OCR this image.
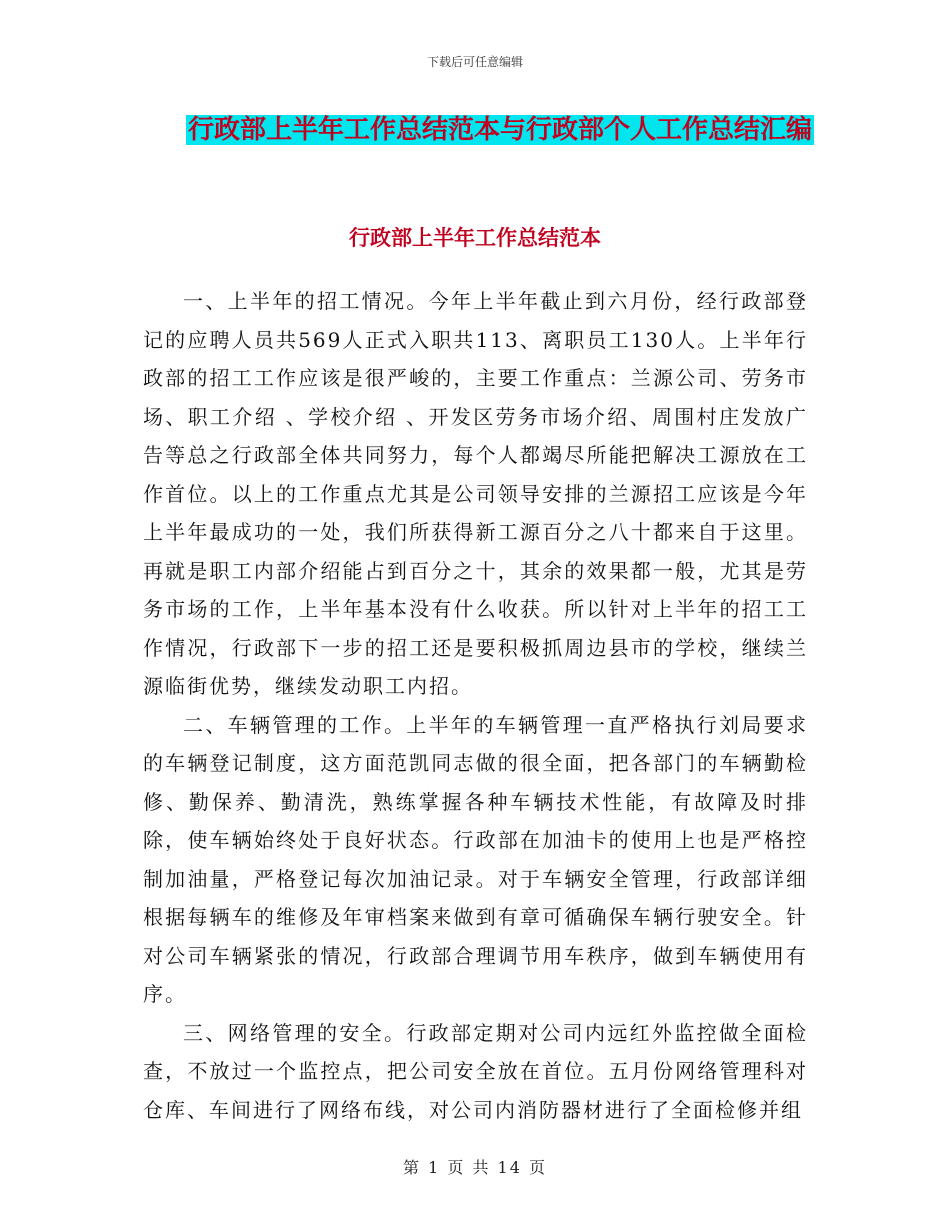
下载后可任意编辑
行政部上半年工作总结范本与行政部个人工作总结汇编
行政部上半年工作总结范本

一、上半年的招工情况。今年上半年截止到六月份，经行政部登记的应聘人员共569人正式入职共113、离职员工130人。上半年行政部的招工工作应该是很严峻的，主要工作重点：兰源公司、劳务市场、职工介绍 、学校介绍 、开发区劳务市场介绍、周围村庄发放广告等总之行政部全体共同努力，每个人都竭尽所能把解决工源放在工作首位。以上的工作重点尤其是公司领导安排的兰源招工应该是今年上半年最成功的一处，我们所获得新工源百分之八十都来自于这里。再就是职工内部介绍能占到百分之十，其余的效果都一般，尤其是劳务市场的工作，上半年基本没有什么收获。所以针对上半年的招工工作情况，行政部下一步的招工还是要积极抓周边县市的学校，继续兰源临街优势，继续发动职工内招。

二、车辆管理的工作。上半年的车辆管理一直严格执行刘局要求的车辆登记制度，这方面范凯同志做的很全面，把各部门的车辆勤检修、勤保养、勤清洗，熟练掌握各种车辆技术性能，有故障及时排除，使车辆始终处于良好状态。行政部在加油卡的使用上也是严格控制加油量，严格登记每次加油记录。对于车辆安全管理，行政部详细根据每辆车的维修及年审档案来做到有章可循确保车辆行驶安全。针对公司车辆紧张的情况，行政部合理调节用车秩序，做到车辆使用有序。

三、网络管理的安全。行政部定期对公司内远红外监控做全面检查，不放过一个监控点，把公司安全放在首位。五月份网络管理科对仓库、车间进行了网络布线，对公司内消防器材进行了全面检修并组

第 1 页 共 14 页
